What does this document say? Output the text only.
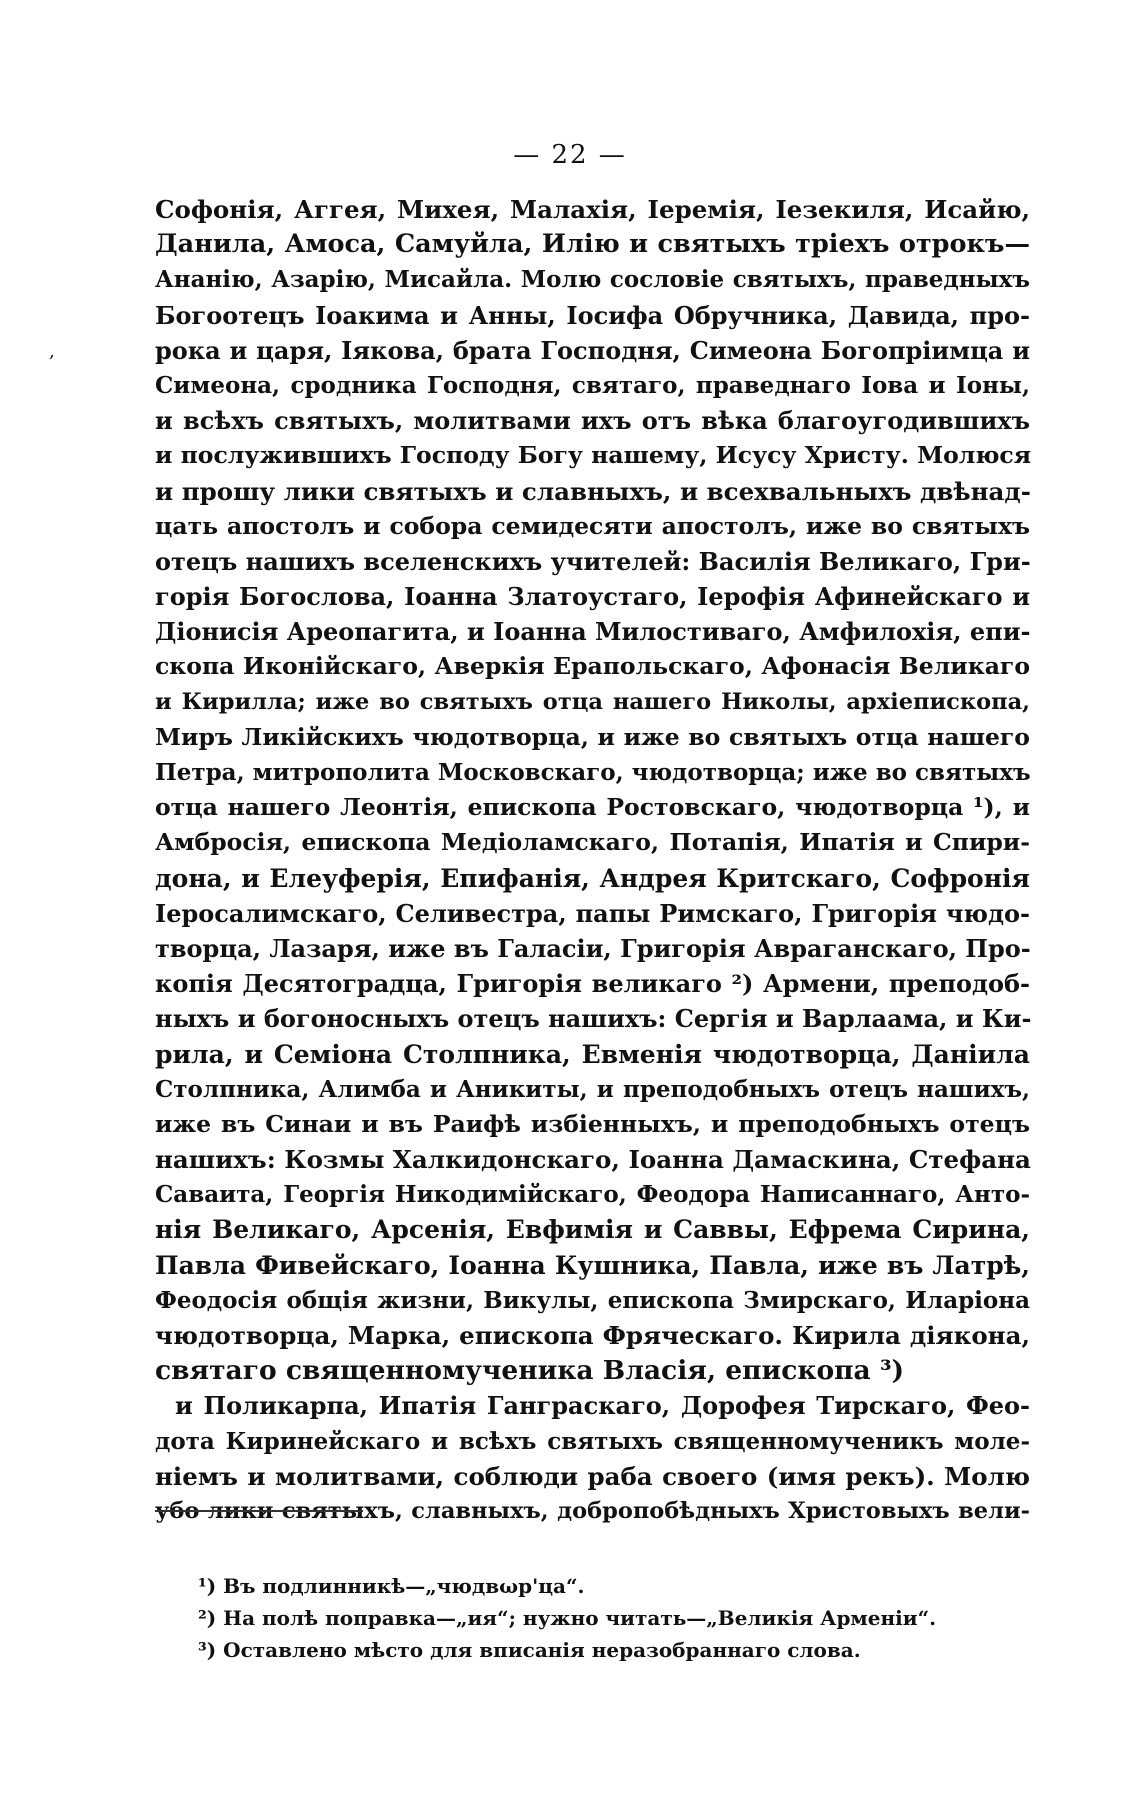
— 22 —
ʼ
Софонія, Аггея, Михея, Малахія, Іеремія, Іезекиля, Исайю,
Данила, Амоса, Самуйла, Илію и святыхъ тріехъ отрокъ—
Ананію, Азарію, Мисайла. Молю сословіе святыхъ, праведныхъ
Богоотецъ Іоакима и Анны, Іосифа Обручника, Давида, про-
рока и царя, Іякова, брата Господня, Симеона Богопріимца и
Симеона, сродника Господня, святаго, праведнаго Іова и Іоны,
и всѣхъ святыхъ, молитвами ихъ отъ вѣка благоугодившихъ
и послужившихъ Господу Богу нашему, Исусу Христу. Молюся
и прошу лики святыхъ и славныхъ, и всехвальныхъ двѣнад-
цать апостолъ и собора семидесяти апостолъ, иже во святыхъ
отецъ нашихъ вселенскихъ учителей: Василія Великаго, Гри-
горія Богослова, Іоанна Златоустаго, Іерофія Афинейскаго и
Діонисія Ареопагита, и Іоанна Милостиваго, Амфилохія, епи-
скопа Иконійскаго, Аверкія Ерапольскаго, Афонасія Великаго
и Кирилла; иже во святыхъ отца нашего Николы, архіепископа,
Миръ Ликійскихъ чюдотворца, и иже во святыхъ отца нашего
Петра, митрополита Московскаго, чюдотворца; иже во святыхъ
отца нашего Леонтія, епископа Ростовскаго, чюдотворца ¹), и
Амбросія, епископа Медіоламскаго, Потапія, Ипатія и Спири-
дона, и Елеуферія, Епифанія, Андрея Критскаго, Софронія
Іеросалимскаго, Селивестра, папы Римскаго, Григорія чюдо-
творца, Лазаря, иже въ Галасіи, Григорія Авраганскаго, Про-
копія Десятоградца, Григорія великаго ²) Армени, преподоб-
ныхъ и богоносныхъ отецъ нашихъ: Сергія и Варлаама, и Ки-
рила, и Семіона Столпника, Евменія чюдотворца, Даніила
Столпника, Алимба и Аникиты, и преподобныхъ отецъ нашихъ,
иже въ Синаи и въ Раифѣ избіенныхъ, и преподобныхъ отецъ
нашихъ: Козмы Халкидонскаго, Іоанна Дамаскина, Стефана
Саваита, Георгія Никодимійскаго, Феодора Написаннаго, Анто-
нія Великаго, Арсенія, Евфимія и Саввы, Ефрема Сирина,
Павла Фивейскаго, Іоанна Кушника, Павла, иже въ Латрѣ,
Феодосія общія жизни, Викулы, епископа Змирскаго, Иларіона
чюдотворца, Марка, епископа Фряческаго. Кирила діякона,
святаго священномученика Власія, епископа ³)
и Поликарпа, Ипатія Ганграскаго, Дорофея Тирскаго, Фео-
дота Киринейскаго и всѣхъ святыхъ священномученикъ моле-
ніемъ и молитвами, соблюди раба своего (имя рекъ). Молю
убо лики святыхъ, славныхъ, добропобѣдныхъ Христовыхъ вели-
¹) Въ подлинникѣ—„чюдвωр'ца“.
²) На полѣ поправка—„ия“; нужно читать—„Великія Арменіи“.
³) Оставлено мѣсто для вписанія неразобраннаго слова.
